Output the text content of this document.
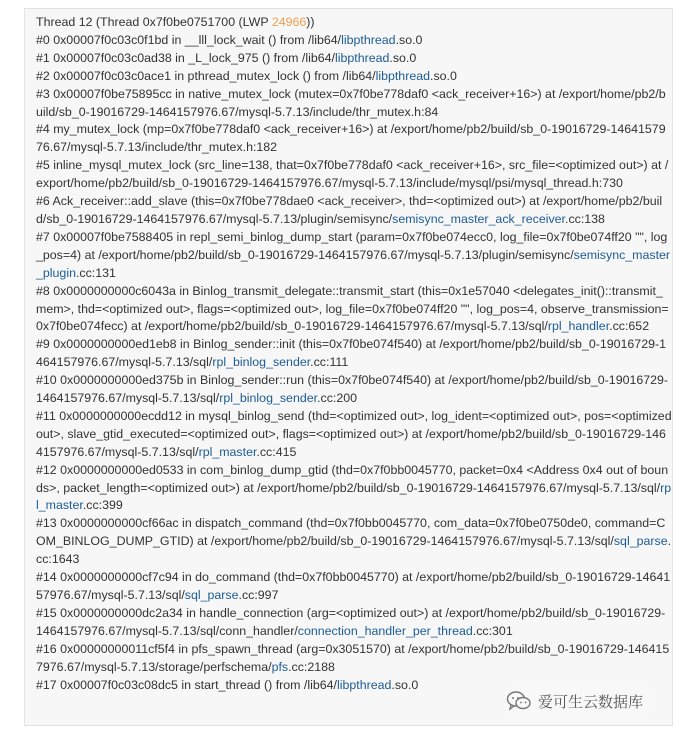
Thread 12 (Thread 0x7f0be0751700 (LWP 24966))
#0 0x00007f0c03c0f1bd in __lll_lock_wait () from /lib64/libpthread.so.0
#1 0x00007f0c03c0ad38 in _L_lock_975 () from /lib64/libpthread.so.0
#2 0x00007f0c03c0ace1 in pthread_mutex_lock () from /lib64/libpthread.so.0
#3 0x00007f0be75895cc in native_mutex_lock (mutex=0x7f0be778daf0 <ack_receiver+16>) at /export/home/pb2/build/sb_0-19016729-1464157976.67/mysql-5.7.13/include/thr_mutex.h:84
#4 my_mutex_lock (mp=0x7f0be778daf0 <ack_receiver+16>) at /export/home/pb2/build/sb_0-19016729-1464157976.67/mysql-5.7.13/include/thr_mutex.h:182
#5 inline_mysql_mutex_lock (src_line=138, that=0x7f0be778daf0 <ack_receiver+16>, src_file=<optimized out>) at /export/home/pb2/build/sb_0-19016729-1464157976.67/mysql-5.7.13/include/mysql/psi/mysql_thread.h:730
#6 Ack_receiver::add_slave (this=0x7f0be778dae0 <ack_receiver>, thd=<optimized out>) at /export/home/pb2/build/sb_0-19016729-1464157976.67/mysql-5.7.13/plugin/semisync/semisync_master_ack_receiver.cc:138
#7 0x00007f0be7588405 in repl_semi_binlog_dump_start (param=0x7f0be074ecc0, log_file=0x7f0be074ff20 "", log_pos=4) at /export/home/pb2/build/sb_0-19016729-1464157976.67/mysql-5.7.13/plugin/semisync/semisync_master_plugin.cc:131
#8 0x0000000000c6043a in Binlog_transmit_delegate::transmit_start (this=0x1e57040 <delegates_init()::transmit_mem>, thd=<optimized out>, flags=<optimized out>, log_file=0x7f0be074ff20 "", log_pos=4, observe_transmission=0x7f0be074fecc) at /export/home/pb2/build/sb_0-19016729-1464157976.67/mysql-5.7.13/sql/rpl_handler.cc:652
#9 0x0000000000ed1eb8 in Binlog_sender::init (this=0x7f0be074f540) at /export/home/pb2/build/sb_0-19016729-1464157976.67/mysql-5.7.13/sql/rpl_binlog_sender.cc:111
#10 0x0000000000ed375b in Binlog_sender::run (this=0x7f0be074f540) at /export/home/pb2/build/sb_0-19016729-1464157976.67/mysql-5.7.13/sql/rpl_binlog_sender.cc:200
#11 0x0000000000ecdd12 in mysql_binlog_send (thd=<optimized out>, log_ident=<optimized out>, pos=<optimized out>, slave_gtid_executed=<optimized out>, flags=<optimized out>) at /export/home/pb2/build/sb_0-19016729-1464157976.67/mysql-5.7.13/sql/rpl_master.cc:415
#12 0x0000000000ed0533 in com_binlog_dump_gtid (thd=0x7f0bb0045770, packet=0x4 <Address 0x4 out of bounds>, packet_length=<optimized out>) at /export/home/pb2/build/sb_0-19016729-1464157976.67/mysql-5.7.13/sql/rpl_master.cc:399
#13 0x0000000000cf66ac in dispatch_command (thd=0x7f0bb0045770, com_data=0x7f0be0750de0, command=COM_BINLOG_DUMP_GTID) at /export/home/pb2/build/sb_0-19016729-1464157976.67/mysql-5.7.13/sql/sql_parse.cc:1643
#14 0x0000000000cf7c94 in do_command (thd=0x7f0bb0045770) at /export/home/pb2/build/sb_0-19016729-1464157976.67/mysql-5.7.13/sql/sql_parse.cc:997
#15 0x0000000000dc2a34 in handle_connection (arg=<optimized out>) at /export/home/pb2/build/sb_0-19016729-1464157976.67/mysql-5.7.13/sql/conn_handler/connection_handler_per_thread.cc:301
#16 0x00000000011cf5f4 in pfs_spawn_thread (arg=0x3051570) at /export/home/pb2/build/sb_0-19016729-1464157976.67/mysql-5.7.13/storage/perfschema/pfs.cc:2188
#17 0x00007f0c03c08dc5 in start_thread () from /lib64/libpthread.so.0
爱可生云数据库
